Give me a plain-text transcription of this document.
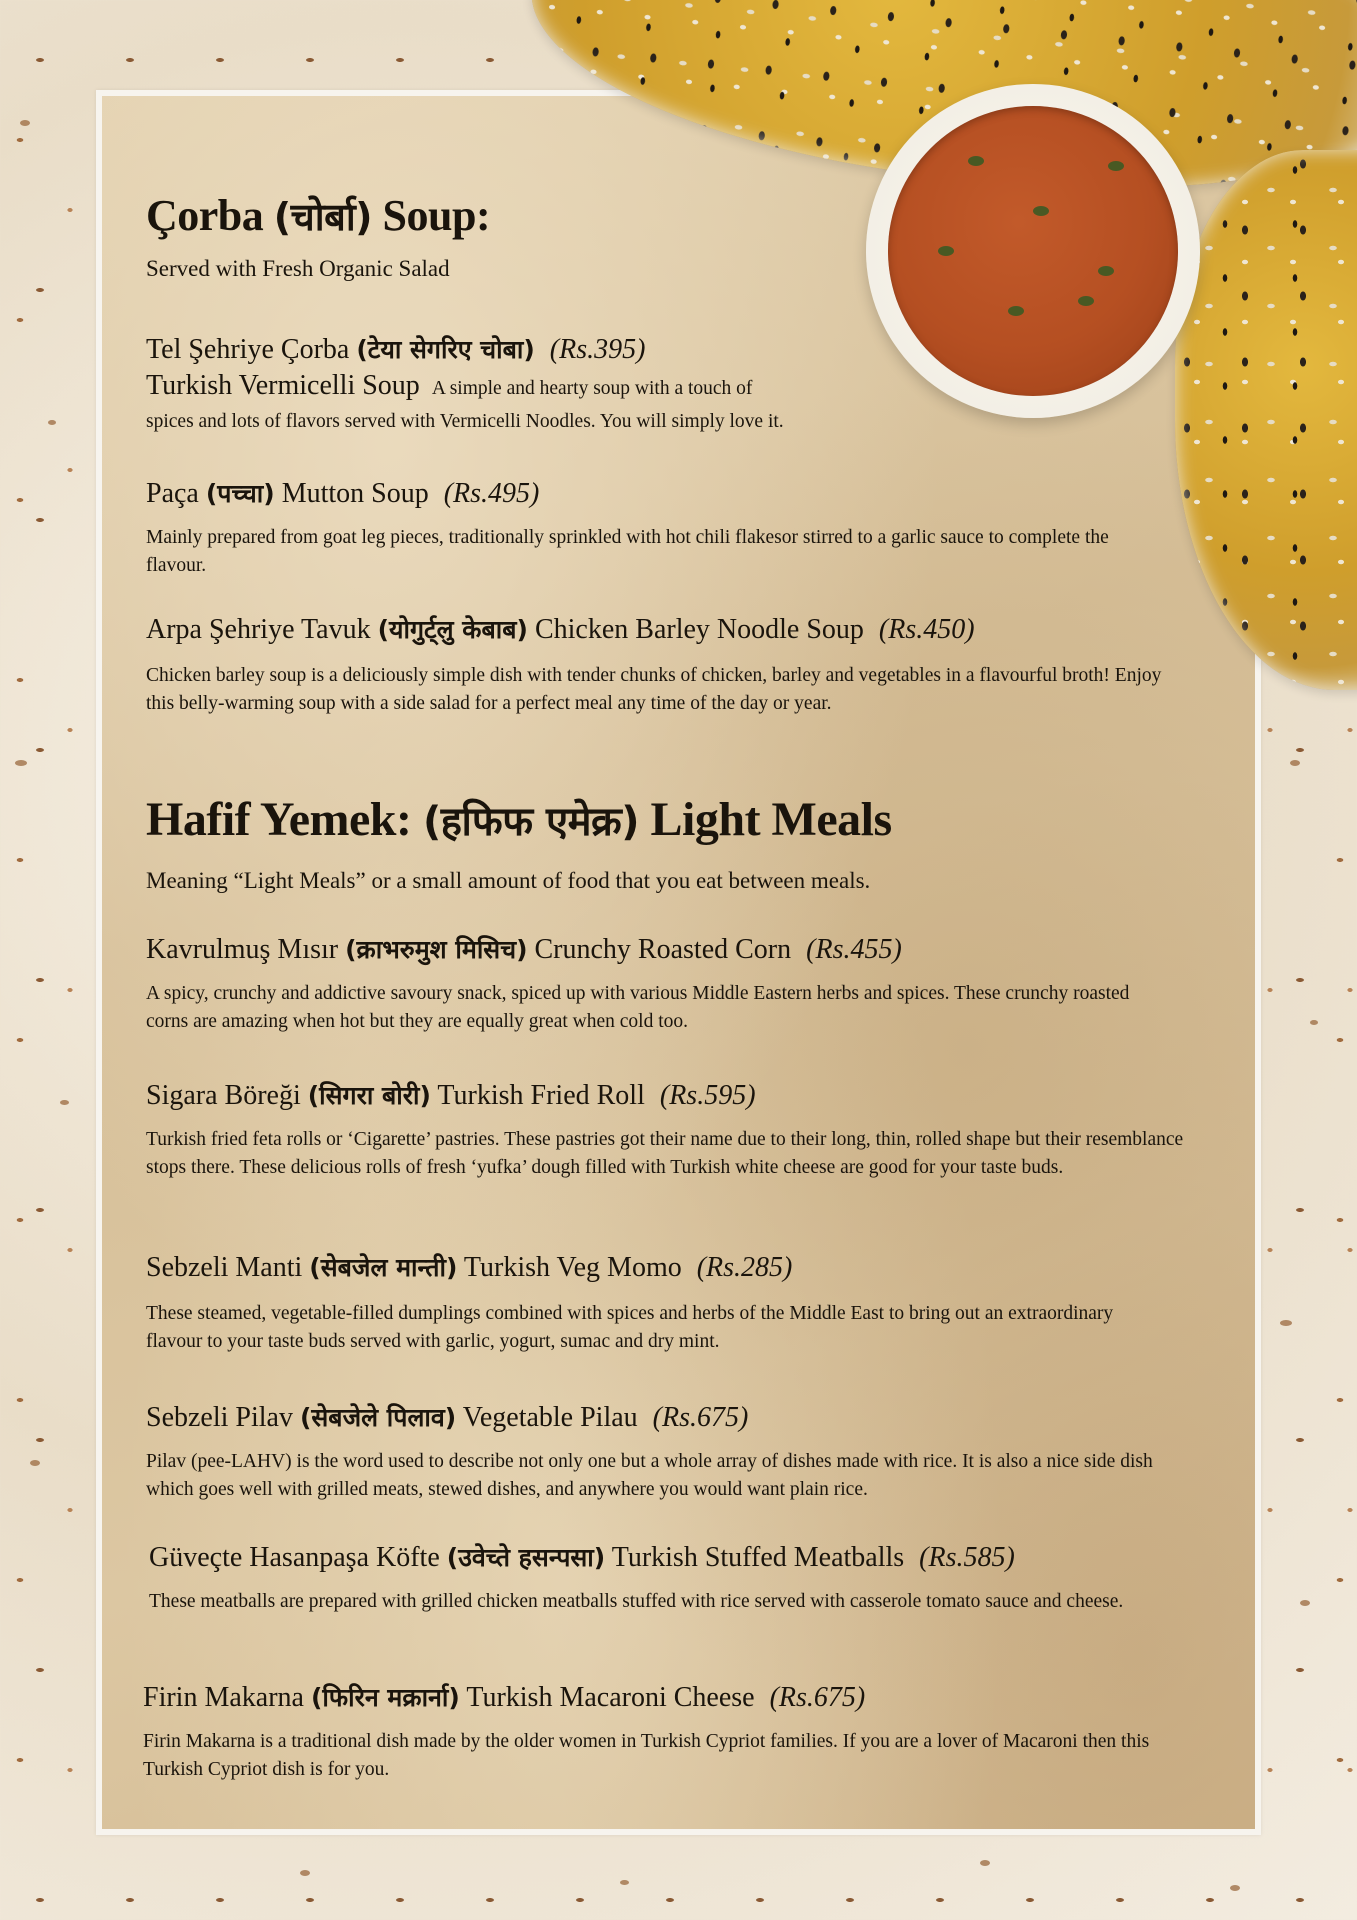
Çorba (चोर्बा) Soup:
Served with Fresh Organic Salad
Tel Şehriye Çorba (टेया सेगरिए चोबा) (Rs.395)
Turkish Vermicelli Soup A simple and hearty soup with a touch of
spices and lots of flavors served with Vermicelli Noodles. You will simply love it.
Paça (पच्चा) Mutton Soup (Rs.495)
Mainly prepared from goat leg pieces, traditionally sprinkled with hot chili flakesor stirred to a garlic sauce to complete the flavour.
Arpa Şehriye Tavuk (योगुर्ट्लु केबाब) Chicken Barley Noodle Soup (Rs.450)
Chicken barley soup is a deliciously simple dish with tender chunks of chicken, barley and vegetables in a flavourful broth! Enjoy this belly-warming soup with a side salad for a perfect meal any time of the day or year.
Hafif Yemek: (हफिफ एमेक्र) Light Meals
Meaning “Light Meals” or a small amount of food that you eat between meals.
Kavrulmuş Mısır (क्राभरुमुश मिसिच) Crunchy Roasted Corn (Rs.455)
A spicy, crunchy and addictive savoury snack, spiced up with various Middle Eastern herbs and spices. These crunchy roasted corns are amazing when hot but they are equally great when cold too.
Sigara Böreği (सिगरा बोरी) Turkish Fried Roll (Rs.595)
Turkish fried feta rolls or ‘Cigarette’ pastries. These pastries got their name due to their long, thin, rolled shape but their resemblance stops there. These delicious rolls of fresh ‘yufka’ dough filled with Turkish white cheese are good for your taste buds.
Sebzeli Manti (सेबजेल मान्ती) Turkish Veg Momo (Rs.285)
These steamed, vegetable-filled dumplings combined with spices and herbs of the Middle East to bring out an extraordinary flavour to your taste buds served with garlic, yogurt, sumac and dry mint.
Sebzeli Pilav (सेबजेले पिलाव) Vegetable Pilau (Rs.675)
Pilav (pee-LAHV) is the word used to describe not only one but a whole array of dishes made with rice. It is also a nice side dish which goes well with grilled meats, stewed dishes, and anywhere you would want plain rice.
Güveçte Hasanpaşa Köfte (उवेच्ते हसन्पसा) Turkish Stuffed Meatballs (Rs.585)
These meatballs are prepared with grilled chicken meatballs stuffed with rice served with casserole tomato sauce and cheese.
Firin Makarna (फिरिन मक्रार्ना) Turkish Macaroni Cheese (Rs.675)
Firin Makarna is a traditional dish made by the older women in Turkish Cypriot families. If you are a lover of Macaroni then this Turkish Cypriot dish is for you.
